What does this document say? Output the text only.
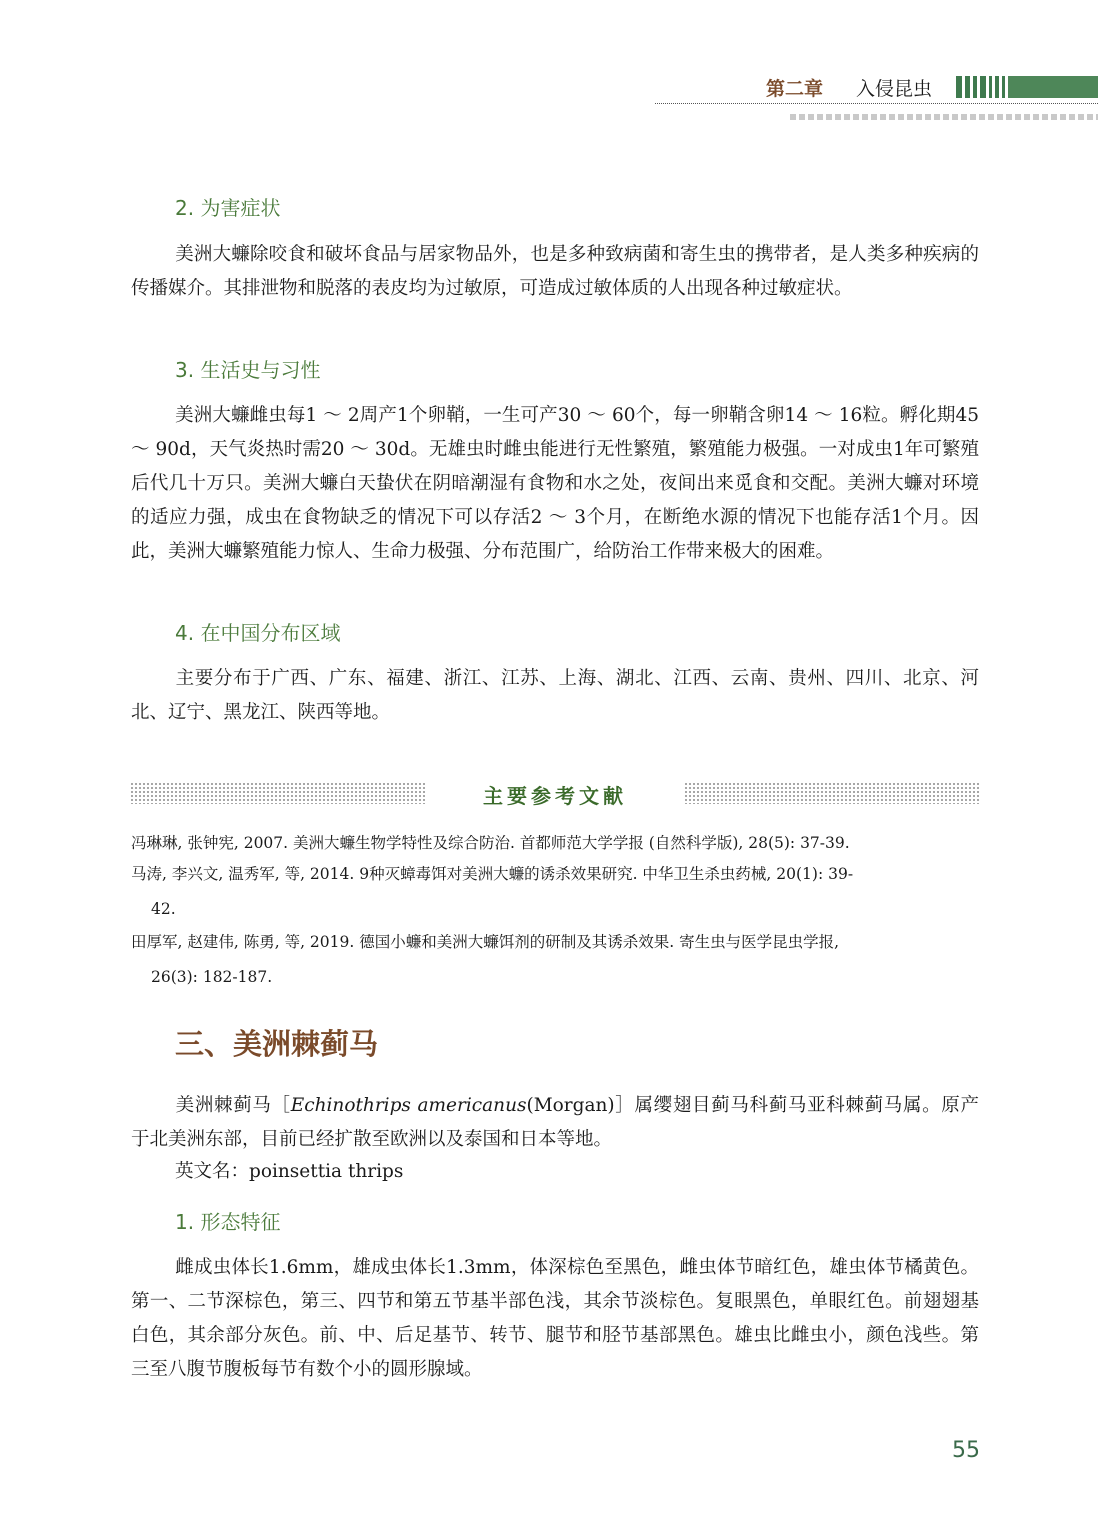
第二章 入侵昆虫
2. 为害症状
美洲大蠊除咬食和破坏食品与居家物品外，也是多种致病菌和寄生虫的携带者，是人类多种疾病的传播媒介。其排泄物和脱落的表皮均为过敏原，可造成过敏体质的人出现各种过敏症状。
3. 生活史与习性
美洲大蠊雌虫每1 ～ 2周产1个卵鞘，一生可产30 ～ 60个，每一卵鞘含卵14 ～ 16粒。孵化期45 ～ 90d，天气炎热时需20 ～ 30d。无雄虫时雌虫能进行无性繁殖，繁殖能力极强。一对成虫1年可繁殖后代几十万只。美洲大蠊白天蛰伏在阴暗潮湿有食物和水之处，夜间出来觅食和交配。美洲大蠊对环境的适应力强，成虫在食物缺乏的情况下可以存活2 ～ 3个月，在断绝水源的情况下也能存活1个月。因此，美洲大蠊繁殖能力惊人、生命力极强、分布范围广，给防治工作带来极大的困难。
4. 在中国分布区域
主要分布于广西、广东、福建、浙江、江苏、上海、湖北、江西、云南、贵州、四川、北京、河北、辽宁、黑龙江、陕西等地。
主要参考文献
冯琳琳, 张钟宪, 2007. 美洲大蠊生物学特性及综合防治. 首都师范大学学报 (自然科学版), 28(5): 37-39.
马涛, 李兴文, 温秀军, 等, 2014. 9种灭蟑毒饵对美洲大蠊的诱杀效果研究. 中华卫生杀虫药械, 20(1): 39-
42.
田厚军, 赵建伟, 陈勇, 等, 2019. 德国小蠊和美洲大蠊饵剂的研制及其诱杀效果. 寄生虫与医学昆虫学报,
26(3): 182-187.
三、美洲棘蓟马
美洲棘蓟马［Echinothrips americanus(Morgan)］属缨翅目蓟马科蓟马亚科棘蓟马属。原产于北美洲东部，目前已经扩散至欧洲以及泰国和日本等地。
英文名：poinsettia thrips
1. 形态特征
雌成虫体长1.6mm，雄成虫体长1.3mm，体深棕色至黑色，雌虫体节暗红色，雄虫体节橘黄色。第一、二节深棕色，第三、四节和第五节基半部色浅，其余节淡棕色。复眼黑色，单眼红色。前翅翅基白色，其余部分灰色。前、中、后足基节、转节、腿节和胫节基部黑色。雄虫比雌虫小，颜色浅些。第三至八腹节腹板每节有数个小的圆形腺域。
55
